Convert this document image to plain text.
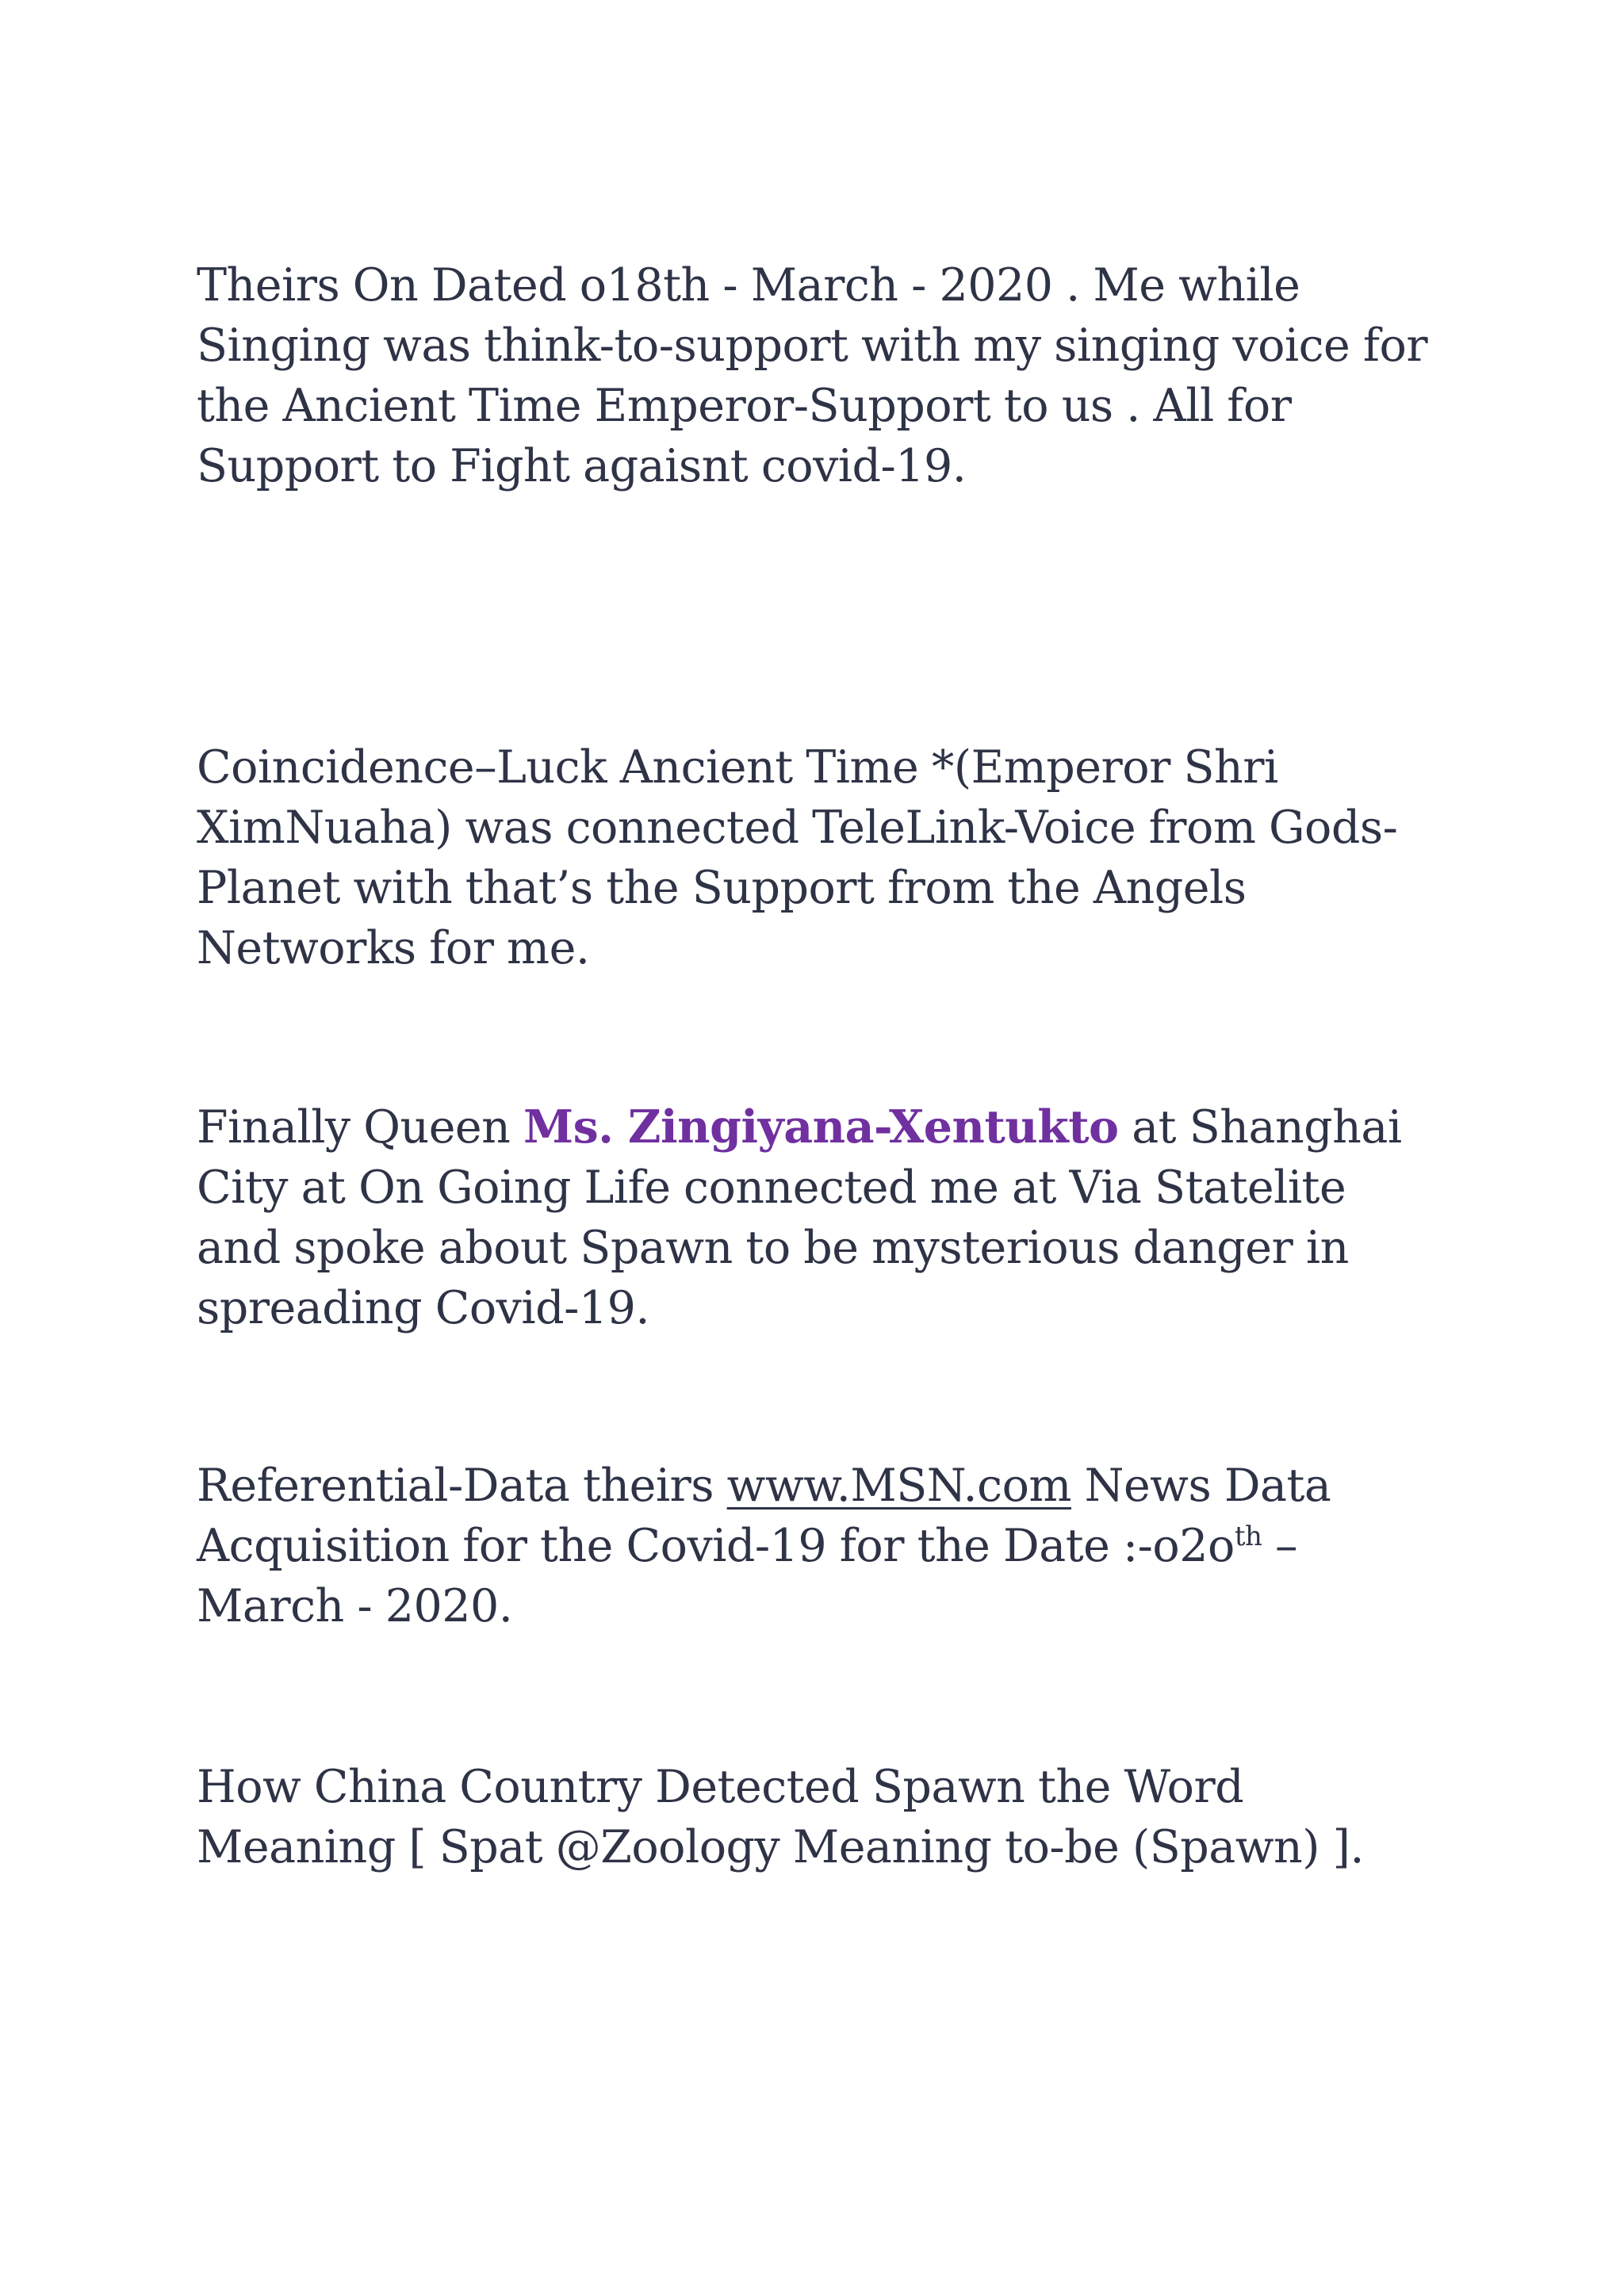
Theirs On Dated o18th - March - 2020 . Me while Singing was think-to-support with my singing voice for the Ancient Time Emperor-Support to us . All for Support to Fight agaisnt covid-19.

Coincidence–Luck Ancient Time *(Emperor Shri XimNuaha) was connected TeleLink-Voice from Gods-Planet with that’s the Support from the Angels Networks for me.

Finally Queen Ms. Zingiyana-Xentukto at Shanghai City at On Going Life connected me at Via Statelite and spoke about Spawn to be mysterious danger in spreading Covid-19.

Referential-Data theirs www.MSN.com News Data Acquisition for the Covid-19 for the Date $:-o2o^{th}$ – March - 2020.

How China Country Detected Spawn the Word Meaning [ Spat @Zoology Meaning to-be (Spawn) ].
